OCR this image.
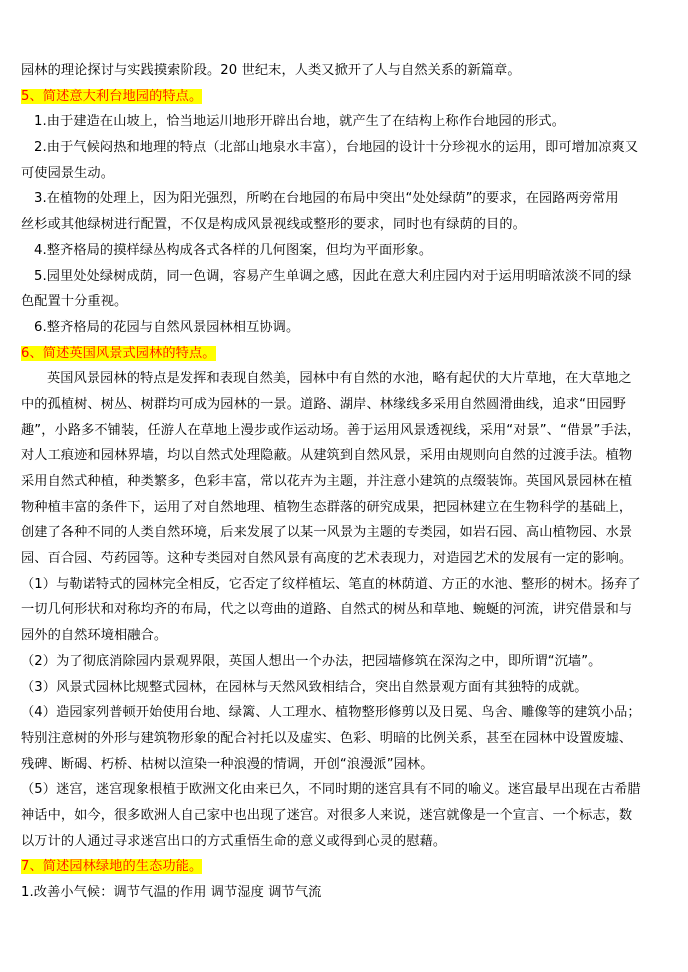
园林的理论探讨与实践摸索阶段。20 世纪末，人类又掀开了人与自然关系的新篇章。
5、简述意大利台地园的特点。
1.由于建造在山坡上，恰当地运川地形开辟出台地，就产生了在结构上称作台地园的形式。
2.由于气候闷热和地理的特点（北部山地泉水丰富），台地园的设计十分珍视水的运用，即可增加凉爽又
可使园景生动。
3.在植物的处理上，因为阳光强烈，所哟在台地园的布局中突出“处处绿荫”的要求，在园路两旁常用
丝杉或其他绿树进行配置，不仅是构成风景视线或整形的要求，同时也有绿荫的目的。
4.整齐格局的摸样绿丛构成各式各样的几何图案，但均为平面形象。
5.园里处处绿树成荫，同一色调，容易产生单调之感，因此在意大利庄园内对于运用明暗浓淡不同的绿
色配置十分重视。
6.整齐格局的花园与自然风景园林相互协调。
6、简述英国风景式园林的特点。
英国风景园林的特点是发挥和表现自然美，园林中有自然的水池，略有起伏的大片草地，在大草地之
中的孤植树、树丛、树群均可成为园林的一景。道路、湖岸、林缘线多采用自然圆滑曲线，追求“田园野
趣”，小路多不铺装，任游人在草地上漫步或作运动场。善于运用风景透视线，采用“对景”、“借景”手法，
对人工痕迹和园林界墙，均以自然式处理隐蔽。从建筑到自然风景，采用由规则向自然的过渡手法。植物
采用自然式种植，种类繁多，色彩丰富，常以花卉为主题，并注意小建筑的点缀装饰。英国风景园林在植
物种植丰富的条件下，运用了对自然地理、植物生态群落的研究成果，把园林建立在生物科学的基础上，
创建了各种不同的人类自然环境，后来发展了以某一风景为主题的专类园，如岩石园、高山植物园、水景
园、百合园、芍药园等。这种专类园对自然风景有高度的艺术表现力，对造园艺术的发展有一定的影响。
（1）与勒诺特式的园林完全相反，它否定了纹样植坛、笔直的林荫道、方正的水池、整形的树木。扬弃了
一切几何形状和对称均齐的布局，代之以弯曲的道路、自然式的树丛和草地、蜿蜒的河流，讲究借景和与
园外的自然环境相融合。
（2）为了彻底消除园内景观界限，英国人想出一个办法，把园墙修筑在深沟之中，即所谓“沉墙”。
（3）风景式园林比规整式园林，在园林与天然风致相结合，突出自然景观方面有其独特的成就。
（4）造园家列普顿开始使用台地、绿篱、人工理水、植物整形修剪以及日冕、鸟舍、雕像等的建筑小品；
特别注意树的外形与建筑物形象的配合衬托以及虚实、色彩、明暗的比例关系，甚至在园林中设置废墟、
残碑、断碣、朽桥、枯树以渲染一种浪漫的情调，开创“浪漫派”园林。
（5）迷宫，迷宫现象根植于欧洲文化由来已久，不同时期的迷宫具有不同的喻义。迷宫最早出现在古希腊
神话中，如今，很多欧洲人自己家中也出现了迷宫。对很多人来说，迷宫就像是一个宣言、一个标志，数
以万计的人通过寻求迷宫出口的方式重悟生命的意义或得到心灵的慰藉。
7、简述园林绿地的生态功能。
1.改善小气候：调节气温的作用 调节湿度 调节气流
